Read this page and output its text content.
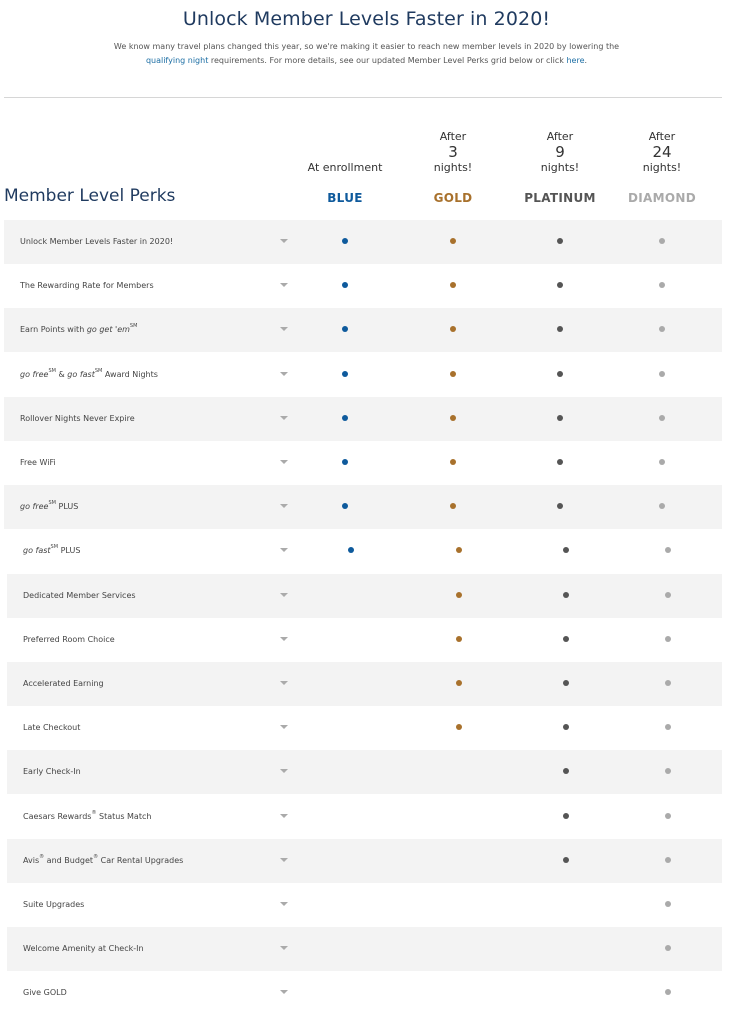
Unlock Member Levels Faster in 2020!
We know many travel plans changed this year, so we're making it easier to reach new member levels in 2020 by lowering the
qualifying night requirements. For more details, see our updated Member Level Perks grid below or click here.
Member Level Perks
At enrollment
BLUE
After
3
nights!
GOLD
After
9
nights!
PLATINUM
After
24
nights!
DIAMOND
Unlock Member Levels Faster in 2020!
The Rewarding Rate for Members
Earn Points with go get 'em℠
go free℠ & go fast℠ Award Nights
Rollover Nights Never Expire
Free WiFi
go free℠ PLUS
go fast℠ PLUS
Dedicated Member Services
Preferred Room Choice
Accelerated Earning
Late Checkout
Early Check-In
Caesars Rewards® Status Match
Avis® and Budget® Car Rental Upgrades
Suite Upgrades
Welcome Amenity at Check-In
Give GOLD
